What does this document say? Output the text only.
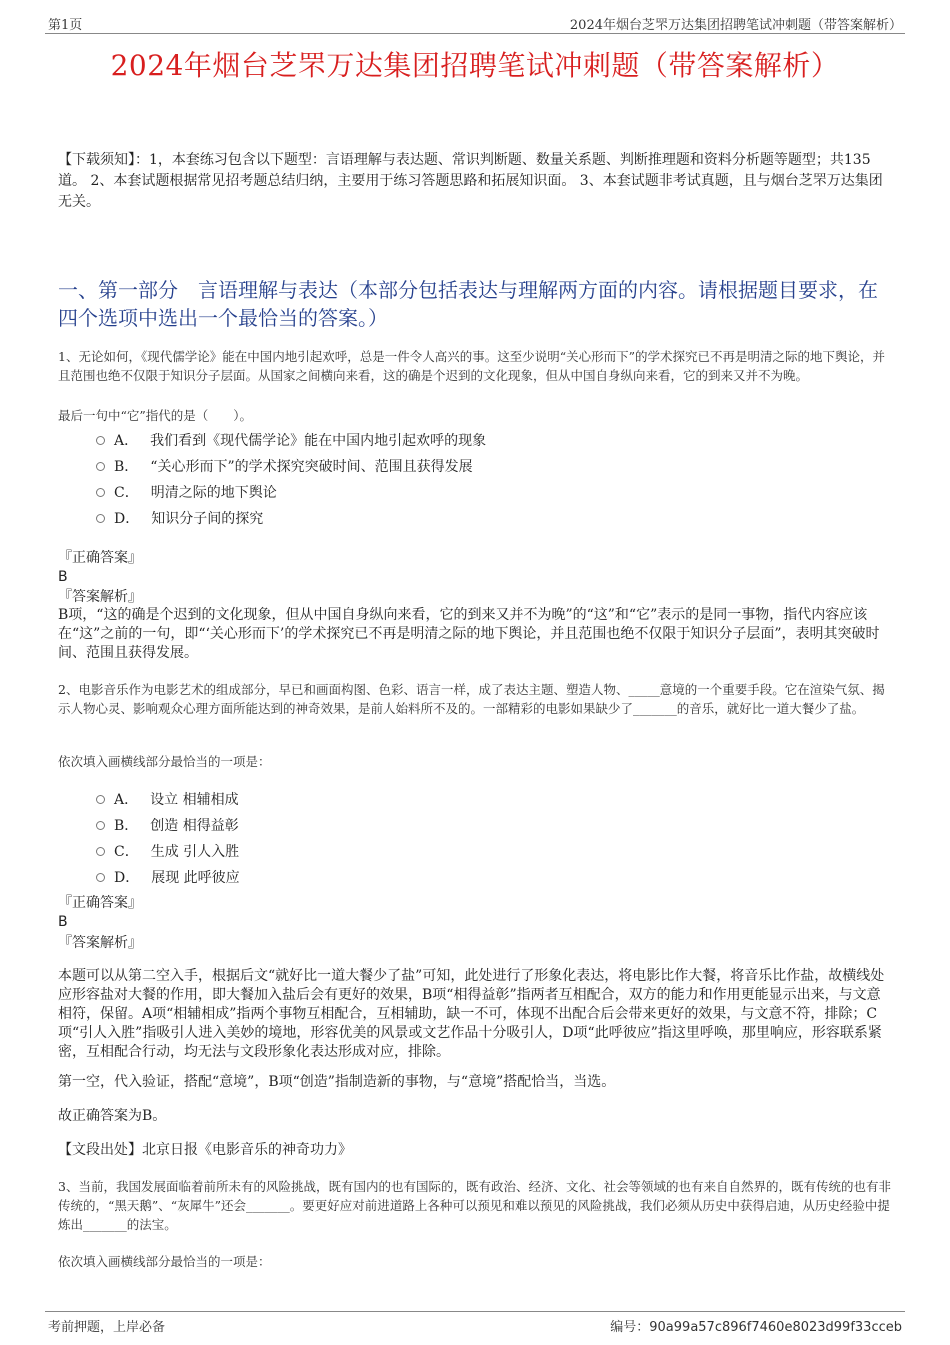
第1页	2024年烟台芝罘万达集团招聘笔试冲刺题（带答案解析）
2024年烟台芝罘万达集团招聘笔试冲刺题（带答案解析）
【下载须知】：1，本套练习包含以下题型：言语理解与表达题、常识判断题、数量关系题、判断推理题和资料分析题等题型；共135道。 2、本套试题根据常见招考题总结归纳，主要用于练习答题思路和拓展知识面。 3、本套试题非考试真题，且与烟台芝罘万达集团无关。
一、第一部分　言语理解与表达（本部分包括表达与理解两方面的内容。请根据题目要求，在四个选项中选出一个最恰当的答案。）
1、无论如何，《现代儒学论》能在中国内地引起欢呼，总是一件令人高兴的事。这至少说明“关心形而下”的学术探究已不再是明清之际的地下舆论，并且范围也绝不仅限于知识分子层面。从国家之间横向来看，这的确是个迟到的文化现象，但从中国自身纵向来看，它的到来又并不为晚。
最后一句中“它”指代的是（　　）。
A． 我们看到《现代儒学论》能在中国内地引起欢呼的现象
B． “关心形而下”的学术探究突破时间、范围且获得发展
C． 明清之际的地下舆论
D． 知识分子间的探究
『正确答案』
B
『答案解析』
B项，“这的确是个迟到的文化现象，但从中国自身纵向来看，它的到来又并不为晚”的“这”和“它”表示的是同一事物，指代内容应该在“这”之前的一句，即“‘关心形而下’的学术探究已不再是明清之际的地下舆论，并且范围也绝不仅限于知识分子层面”，表明其突破时间、范围且获得发展。
2、电影音乐作为电影艺术的组成部分，早已和画面构图、色彩、语言一样，成了表达主题、塑造人物、_____意境的一个重要手段。它在渲染气氛、揭示人物心灵、影响观众心理方面所能达到的神奇效果，是前人始料所不及的。一部精彩的电影如果缺少了_______的音乐，就好比一道大餐少了盐。
依次填入画横线部分最恰当的一项是：
A． 设立 相辅相成
B． 创造 相得益彰
C． 生成 引人入胜
D． 展现 此呼彼应
『正确答案』
B
『答案解析』
本题可以从第二空入手，根据后文“就好比一道大餐少了盐”可知，此处进行了形象化表达，将电影比作大餐，将音乐比作盐，故横线处应形容盐对大餐的作用，即大餐加入盐后会有更好的效果，B项“相得益彰”指两者互相配合，双方的能力和作用更能显示出来，与文意相符，保留。A项“相辅相成”指两个事物互相配合，互相辅助，缺一不可，体现不出配合后会带来更好的效果，与文意不符，排除；C项“引人入胜”指吸引人进入美妙的境地，形容优美的风景或文艺作品十分吸引人，D项“此呼彼应”指这里呼唤，那里响应，形容联系紧密，互相配合行动，均无法与文段形象化表达形成对应，排除。
第一空，代入验证，搭配“意境”，B项“创造”指制造新的事物，与“意境”搭配恰当，当选。
故正确答案为B。
【文段出处】北京日报《电影音乐的神奇功力》
3、当前，我国发展面临着前所未有的风险挑战，既有国内的也有国际的，既有政治、经济、文化、社会等领域的也有来自自然界的，既有传统的也有非传统的，“黑天鹅”、“灰犀牛”还会_______。要更好应对前进道路上各种可以预见和难以预见的风险挑战，我们必须从历史中获得启迪，从历史经验中提炼出_______的法宝。
依次填入画横线部分最恰当的一项是：
考前押题，上岸必备	编号：90a99a57c896f7460e8023d99f33cceb
